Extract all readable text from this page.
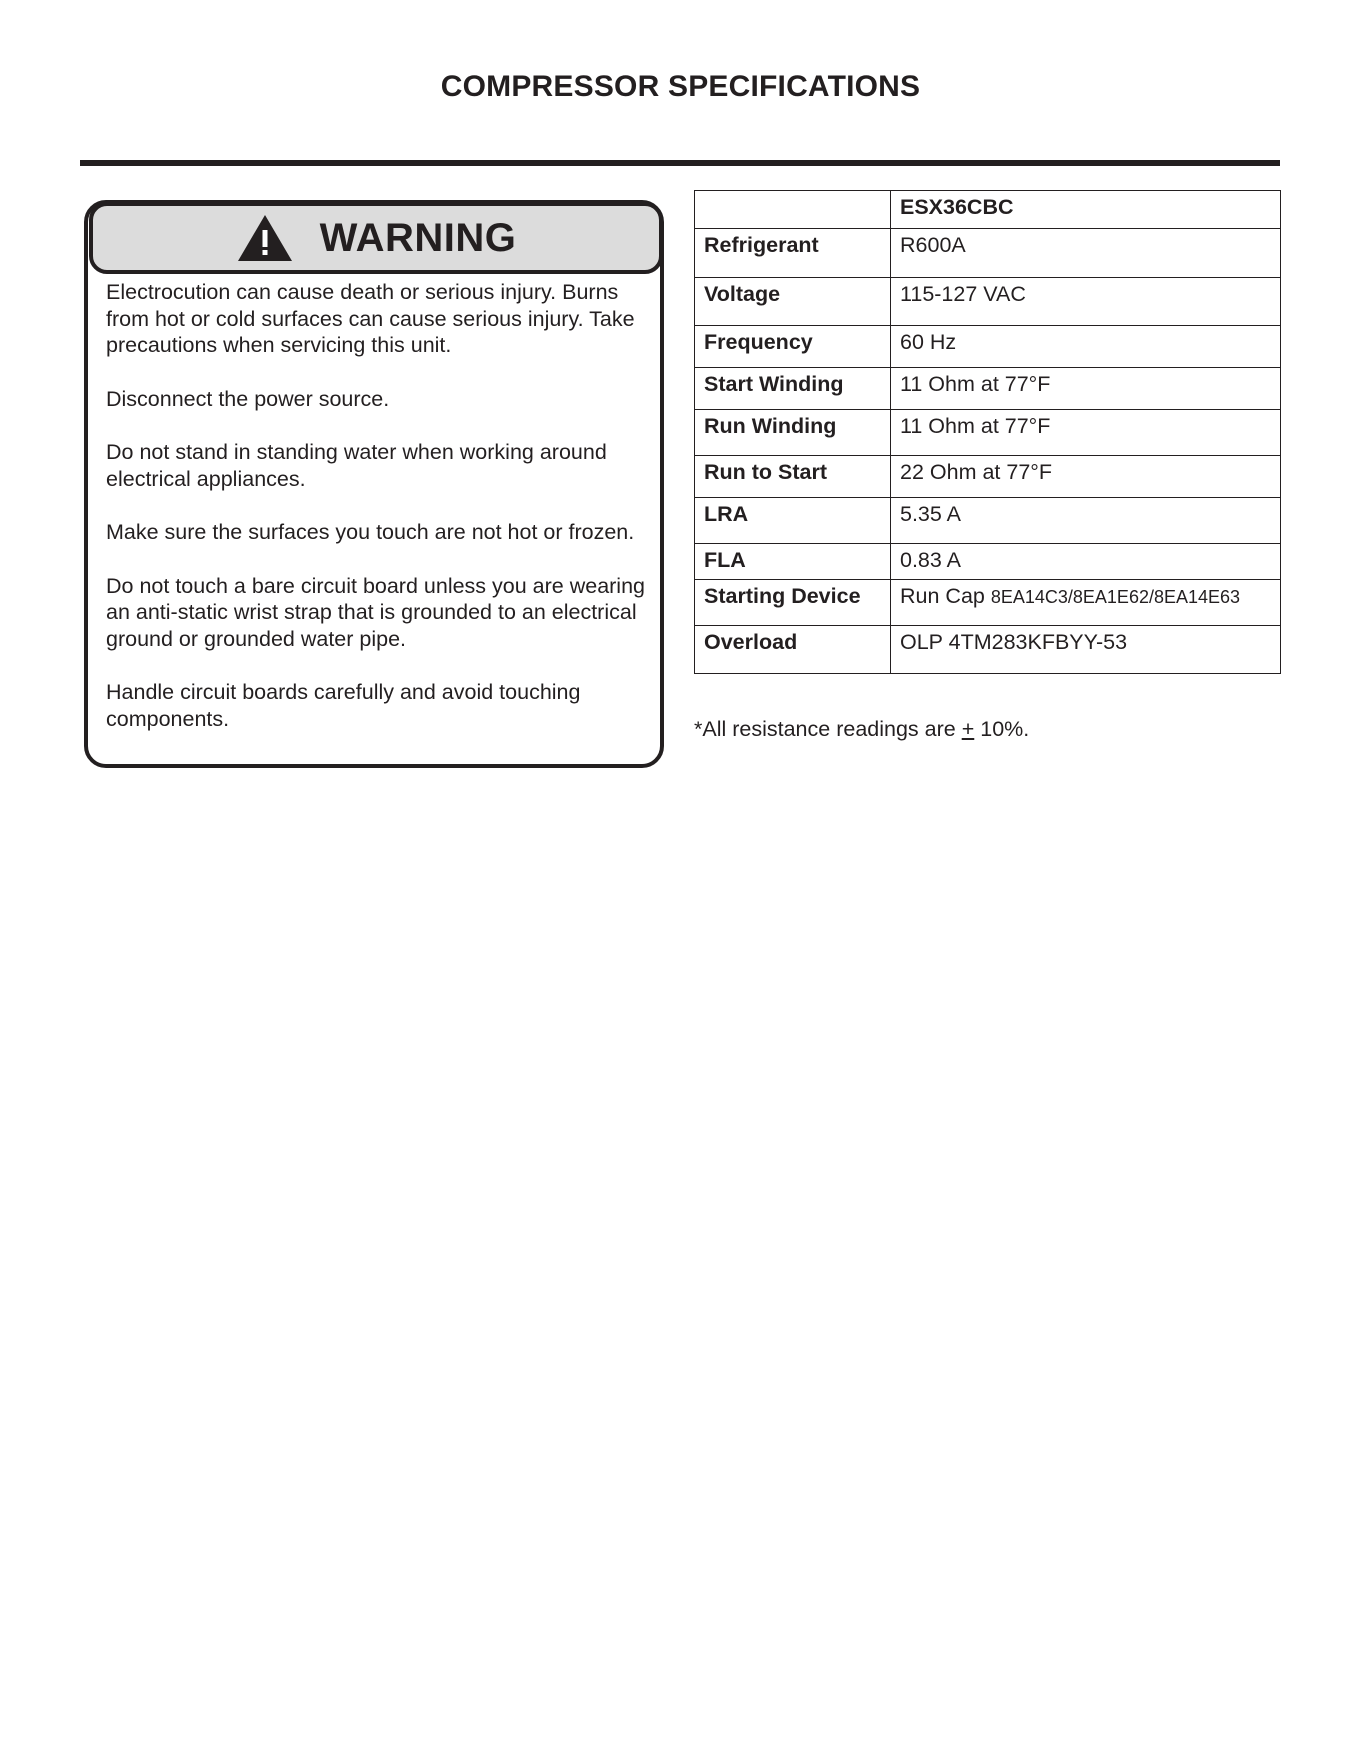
COMPRESSOR SPECIFICATIONS
WARNING

Electrocution can cause death or serious injury. Burns from hot or cold surfaces can cause serious injury. Take precautions when servicing this unit.

Disconnect the power source.

Do not stand in standing water when working around electrical appliances.

Make sure the surfaces you touch are not hot or frozen.

Do not touch a bare circuit board unless you are wearing an anti-static wrist strap that is grounded to an electrical ground or grounded water pipe.

Handle circuit boards carefully and avoid touching components.

	ESX36CBC
Refrigerant	R600A
Voltage	115-127 VAC
Frequency	60 Hz
Start Winding	11 Ohm at 77°F
Run Winding	11 Ohm at 77°F
Run to Start	22 Ohm at 77°F
LRA	5.35 A
FLA	0.83 A
Starting Device	Run Cap 8EA14C3/8EA1E62/8EA14E63
Overload	OLP 4TM283KFBYY-53

*All resistance readings are + 10%.
